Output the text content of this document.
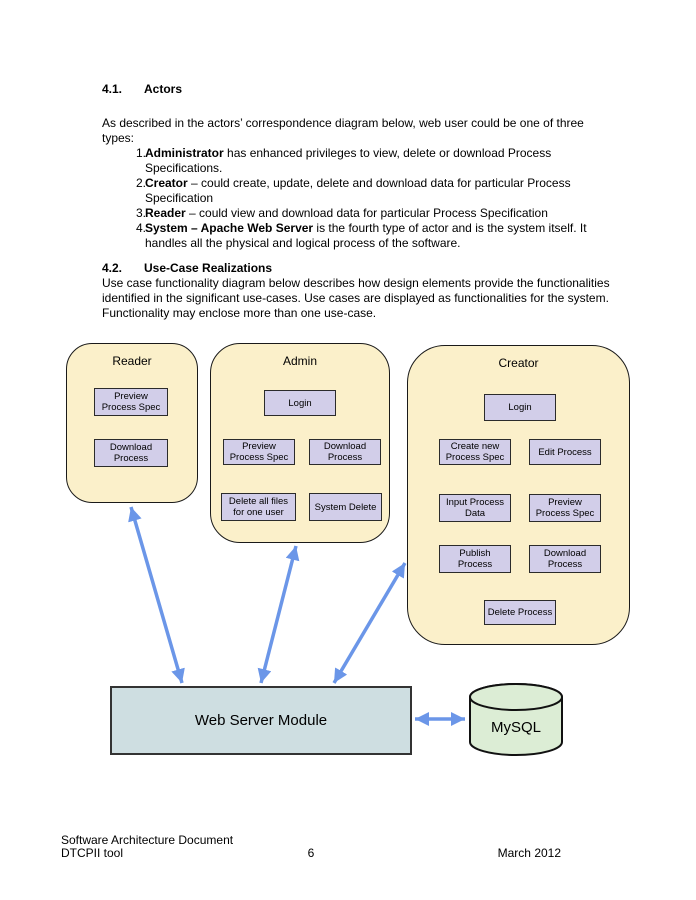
4.1. Actors
As described in the actors’ correspondence diagram below, web user could be one of three
types:
1.
Administrator has enhanced privileges to view, delete or download Process
Specifications.
2.
Creator – could create, update, delete and download data for particular Process
Specification
3.
Reader – could view and download data for particular Process Specification
4.
System – Apache Web Server is the fourth type of actor and is the system itself. It
handles all the physical and logical process of the software.
4.2. Use-Case Realizations
Use case functionality diagram below describes how design elements provide the functionalities
identified in the significant use-cases. Use cases are displayed as functionalities for the system.
Functionality may enclose more than one use-case.
Reader
Preview Process Spec
Download Process
Admin
Login
Preview Process Spec
Download Process
Delete all files for one user	System Delete
Creator
Login
Create new Process Spec	Edit Process
Input Process Data
Preview Process Spec
Publish Process
Download Process
Delete Process
Web Server Module	MySQL
Software Architecture Document
DTCPII tool	6	March 2012
